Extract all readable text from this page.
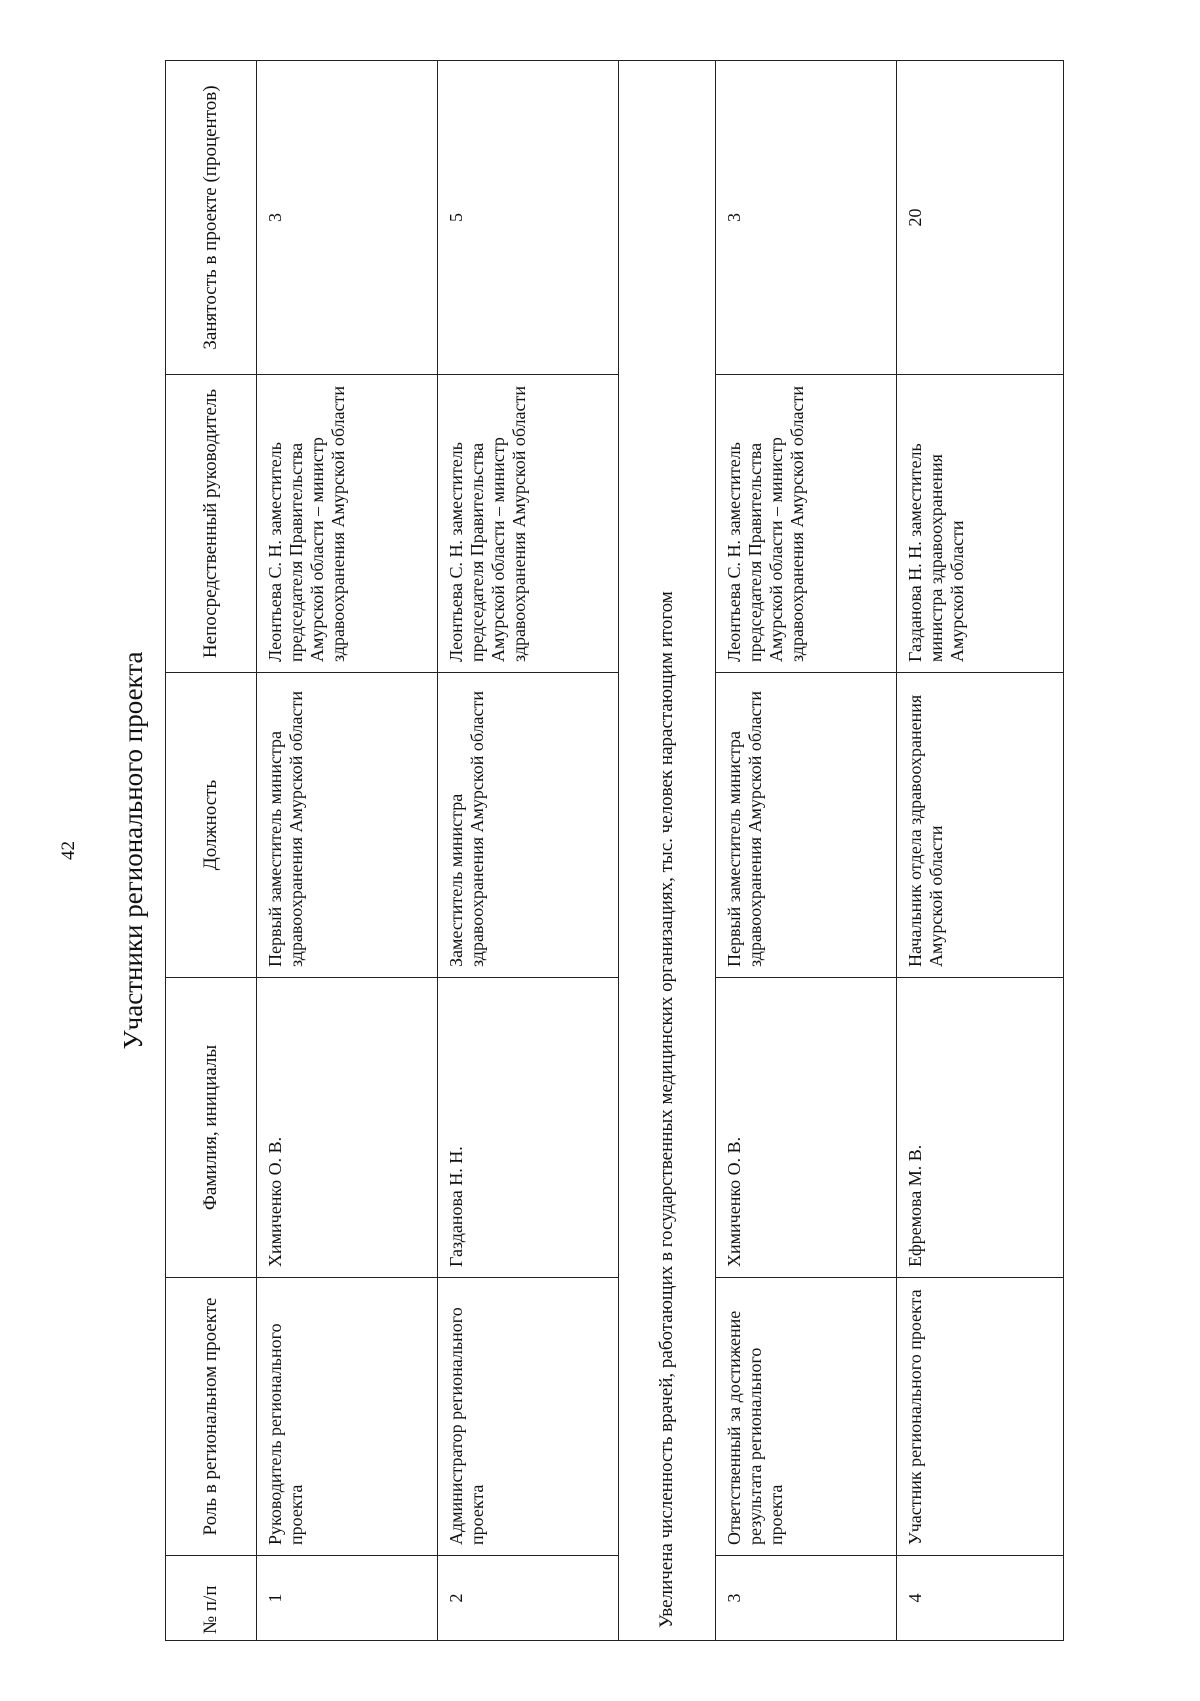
42 Участники регионального проекта
№ п/п	Роль в региональном проекте	Фамилия, инициалы	Должность	Непосредственный руководитель	Занятость в проекте (процентов)
1	Руководитель регионального проекта	Химиченко О. В.	Первый заместитель министра здравоохранения Амурской области	Леонтьева С. Н. заместитель председателя Правительства Амурской области – министр здравоохранения Амурской области	3
2	Администратор регионального проекта	Газданова Н. Н.	Заместитель министра здравоохранения Амурской области	Леонтьева С. Н. заместитель председателя Правительства Амурской области – министр здравоохранения Амурской области	5
Увеличена численность врачей, работающих в государственных медицинских организациях, тыс. человек нарастающим итогом					
3	Ответственный за достижение результата регионального проекта	Химиченко О. В.	Первый заместитель министра здравоохранения Амурской области	Леонтьева С. Н. заместитель председателя Правительства Амурской области – министр здравоохранения Амурской области	3
4	Участник регионального проекта	Ефремова М. В.	Начальник отдела здравоохранения Амурской области	Газданова Н. Н. заместитель министра здравоохранения Амурской области	20
